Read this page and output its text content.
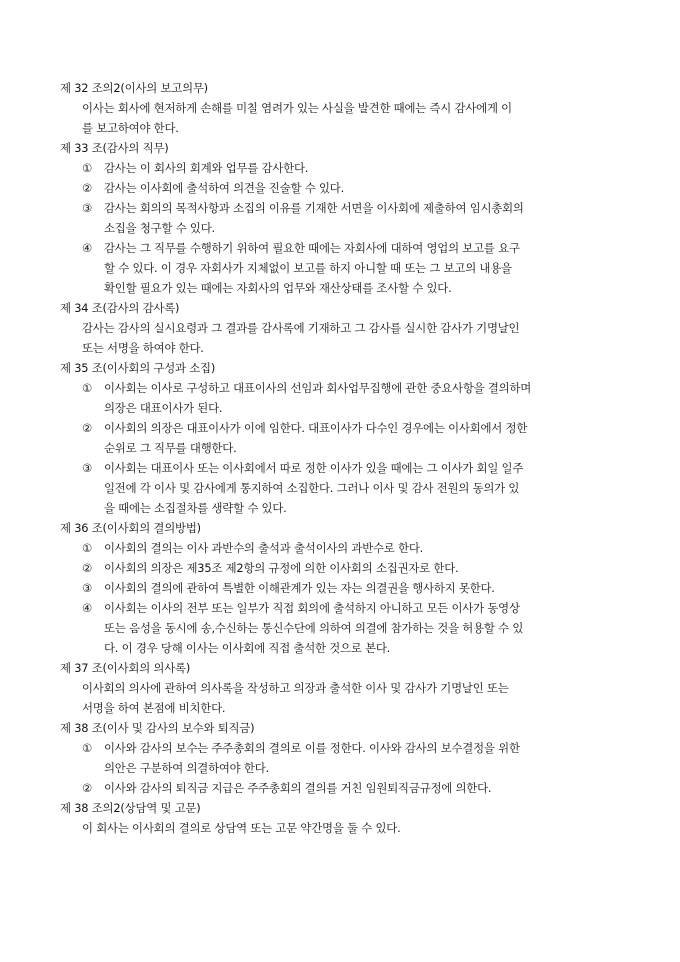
제 32 조의2(이사의 보고의무)
이사는 회사에 현저하게 손해를 미칠 염려가 있는 사실을 발견한 때에는 즉시 감사에게 이
를 보고하여야 한다.
제 33 조(감사의 직무)
① 감사는 이 회사의 회계와 업무를 감사한다.
② 감사는 이사회에 출석하여 의견을 진술할 수 있다.
③ 감사는 회의의 목적사항과 소집의 이유를 기재한 서면을 이사회에 제출하여 임시총회의
소집을 청구할 수 있다.
④ 감사는 그 직무를 수행하기 위하여 필요한 때에는 자회사에 대하여 영업의 보고를 요구
할 수 있다. 이 경우 자회사가 지체없이 보고를 하지 아니할 때 또는 그 보고의 내용을
확인할 필요가 있는 때에는 자회사의 업무와 재산상태를 조사할 수 있다.
제 34 조(감사의 감사록)
감사는 감사의 실시요령과 그 결과를 감사록에 기재하고 그 감사를 실시한 감사가 기명날인
또는 서명을 하여야 한다.
제 35 조(이사회의 구성과 소집)
① 이사회는 이사로 구성하고 대표이사의 선임과 회사업무집행에 관한 중요사항을 결의하며
의장은 대표이사가 된다.
② 이사회의 의장은 대표이사가 이에 임한다. 대표이사가 다수인 경우에는 이사회에서 정한
순위로 그 직무를 대행한다.
③ 이사회는 대표이사 또는 이사회에서 따로 정한 이사가 있을 때에는 그 이사가 회일 일주
일전에 각 이사 및 감사에게 통지하여 소집한다. 그러나 이사 및 감사 전원의 동의가 있
을 때에는 소집절차를 생략할 수 있다.
제 36 조(이사회의 결의방법)
① 이사회의 결의는 이사 과반수의 출석과 출석이사의 과반수로 한다.
② 이사회의 의장은 제35조 제2항의 규정에 의한 이사회의 소집권자로 한다.
③ 이사회의 결의에 관하여 특별한 이해관계가 있는 자는 의결권을 행사하지 못한다.
④ 이사회는 이사의 전부 또는 일부가 직접 회의에 출석하지 아니하고 모든 이사가 동영상
또는 음성을 동시에 송,수신하는 통신수단에 의하여 의결에 참가하는 것을 허용할 수 있
다. 이 경우 당해 이사는 이사회에 직접 출석한 것으로 본다.
제 37 조(이사회의 의사록)
이사회의 의사에 관하여 의사록을 작성하고 의장과 출석한 이사 및 감사가 기명날인 또는
서명을 하여 본점에 비치한다.
제 38 조(이사 및 감사의 보수와 퇴직금)
① 이사와 감사의 보수는 주주총회의 결의로 이를 정한다. 이사와 감사의 보수결정을 위한
의안은 구분하여 의결하여야 한다.
② 이사와 감사의 퇴직금 지급은 주주총회의 결의를 거친 임원퇴직금규정에 의한다.
제 38 조의2(상담역 및 고문)
이 회사는 이사회의 결의로 상담역 또는 고문 약간명을 둘 수 있다.
